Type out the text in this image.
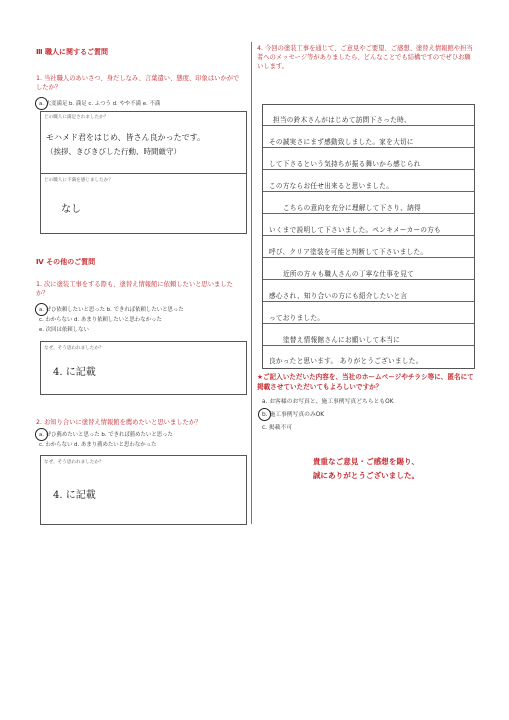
Ⅲ 職人に関するご質問
1. 当社職人のあいさつ、身だしなみ、言葉遣い、態度、印象はいかがでしたか？
a. 大変満足 b. 満足 c. ふつう d. やや不満 e. 不満
どの職人に満足されましたか？
モハメド君をはじめ、皆さん良かったです。
（挨拶、きびきびした行動、時間厳守）
どの職人に不満を感じましたか？
なし
Ⅳ その他のご質問
1. 次に塗装工事をする際も、塗替え情報館に依頼したいと思いましたか？
a. ぜひ依頼したいと思った b. できれば依頼したいと思った
c. わからない d. あまり依頼したいと思わなかった
e. 次回は依頼しない
なぜ、そう思われましたか？
4. に記載
2. お知り合いに塗替え情報館を薦めたいと思いましたか？
a. ぜひ薦めたいと思った b. できれば薦めたいと思った
c. わからない d. あまり薦めたいと思わなかった
なぜ、そう思われましたか？
4. に記載
4. 今回の塗装工事を通じて、ご意見やご要望、ご感想、塗替え情報館や担当者へのメッセージ等がありましたら、どんなことでも結構ですのでぜひお願いします。
担当の鈴木さんがはじめて訪問下さった時、
その誠実さにまず感動致しました。家を大切に
して下さるという気持ちが振る舞いから感じられ
この方ならお任せ出来ると思いました。
こちらの意向を充分に理解して下さり、納得
いくまで説明して下さいました。ペンキメーカーの方も
呼び、クリア塗装を可能と判断して下さいました。
近所の方々も職人さんの丁寧な仕事を見て
感心され、知り合いの方にも紹介したいと言
っておりました。
塗替え情報館さんにお願いして本当に
良かったと思います。 ありがとうございました。
★ご記入いただいた内容を、当社のホームページやチラシ等に、匿名にて掲載させていただいてもよろしいですか？
a. お客様のお写真と、施工事例写真どちらともOK
b. 施工事例写真のみOK
c. 掲載不可
貴重なご意見・ご感想を賜り、
誠にありがとうございました。
